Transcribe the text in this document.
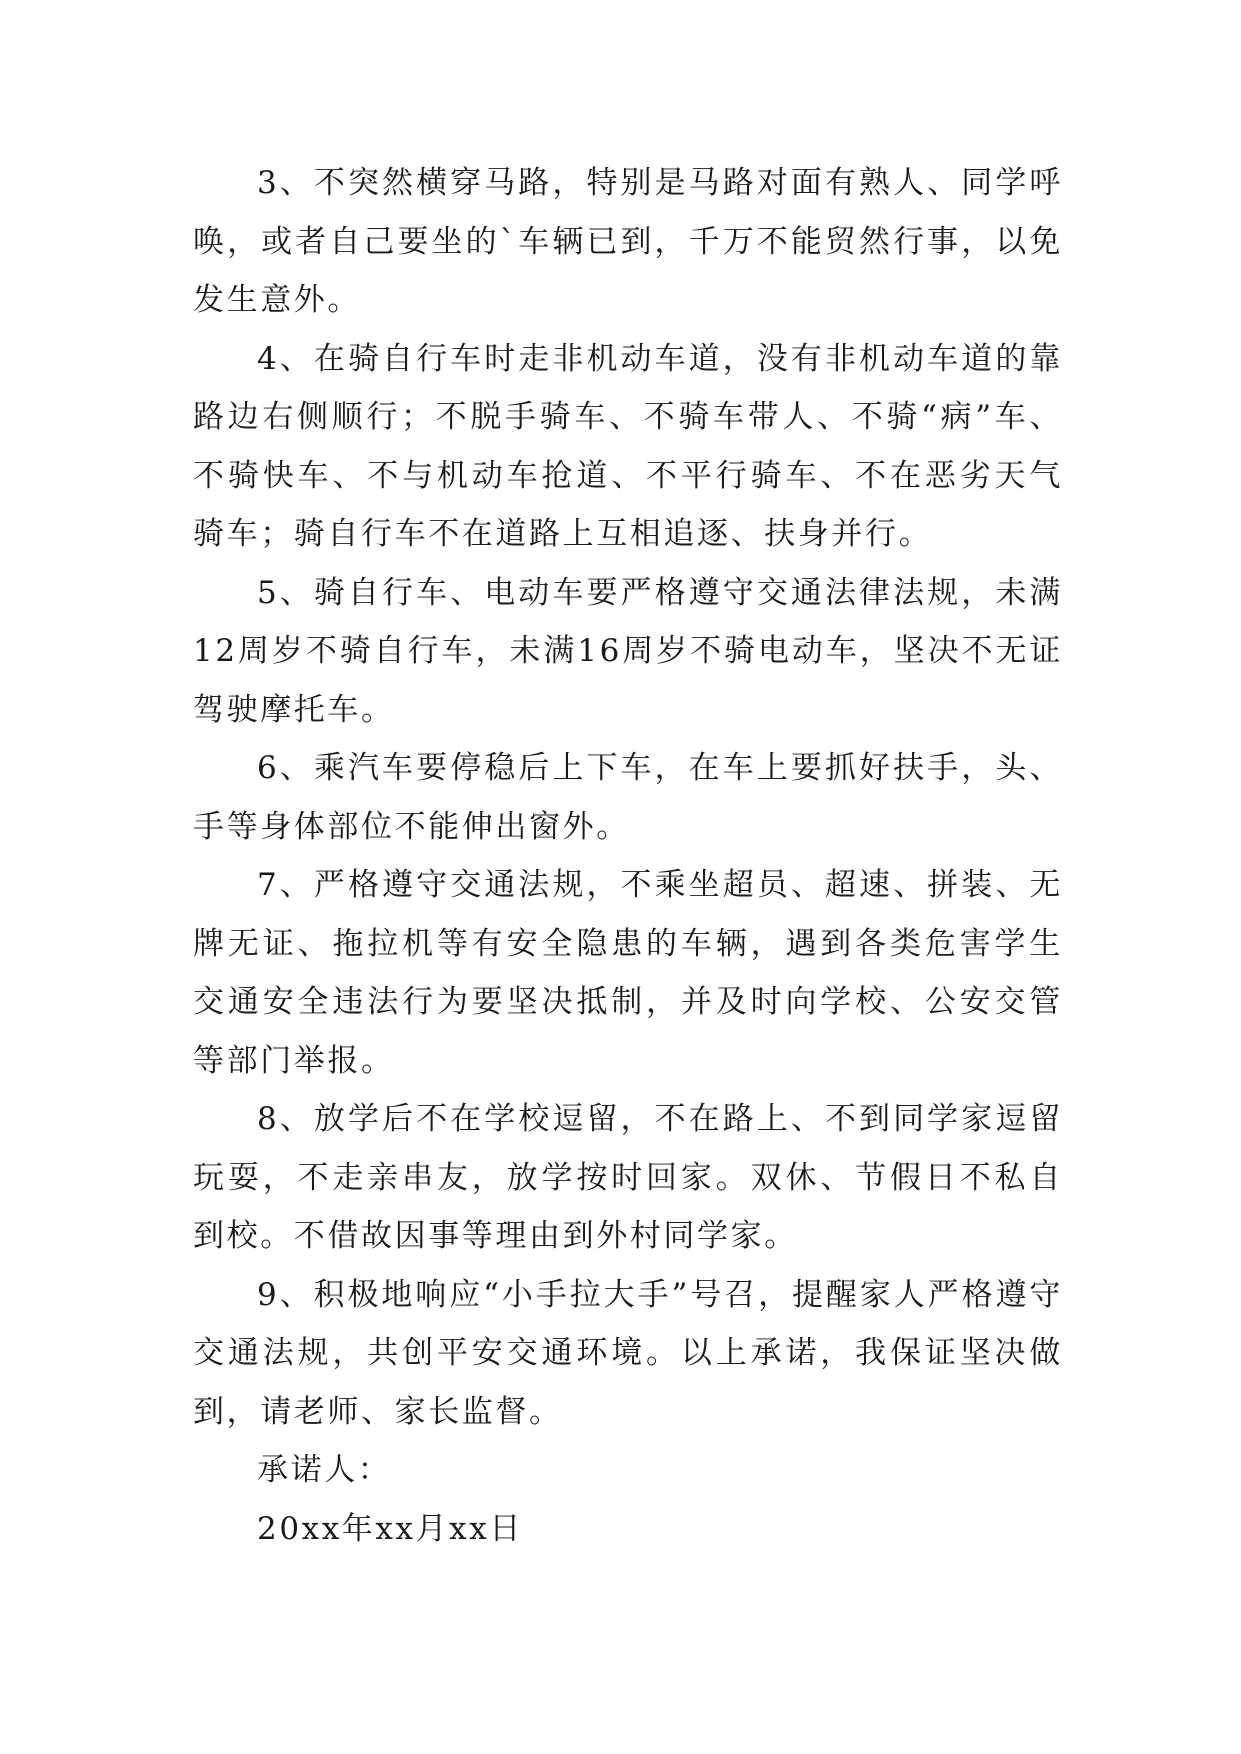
3、不突然横穿马路，特别是马路对面有熟人、同学呼唤，或者自己要坐的`车辆已到，千万不能贸然行事，以免发生意外。

4、在骑自行车时走非机动车道，没有非机动车道的靠路边右侧顺行；不脱手骑车、不骑车带人、不骑“病”车、不骑快车、不与机动车抢道、不平行骑车、不在恶劣天气骑车；骑自行车不在道路上互相追逐、扶身并行。

5、骑自行车、电动车要严格遵守交通法律法规，未满12周岁不骑自行车，未满16周岁不骑电动车，坚决不无证驾驶摩托车。

6、乘汽车要停稳后上下车，在车上要抓好扶手，头、手等身体部位不能伸出窗外。

7、严格遵守交通法规，不乘坐超员、超速、拼装、无牌无证、拖拉机等有安全隐患的车辆，遇到各类危害学生交通安全违法行为要坚决抵制，并及时向学校、公安交管等部门举报。

8、放学后不在学校逗留，不在路上、不到同学家逗留玩耍，不走亲串友，放学按时回家。双休、节假日不私自到校。不借故因事等理由到外村同学家。

9、积极地响应“小手拉大手”号召，提醒家人严格遵守交通法规，共创平安交通环境。以上承诺，我保证坚决做到，请老师、家长监督。

承诺人：

20xx年xx月xx日
